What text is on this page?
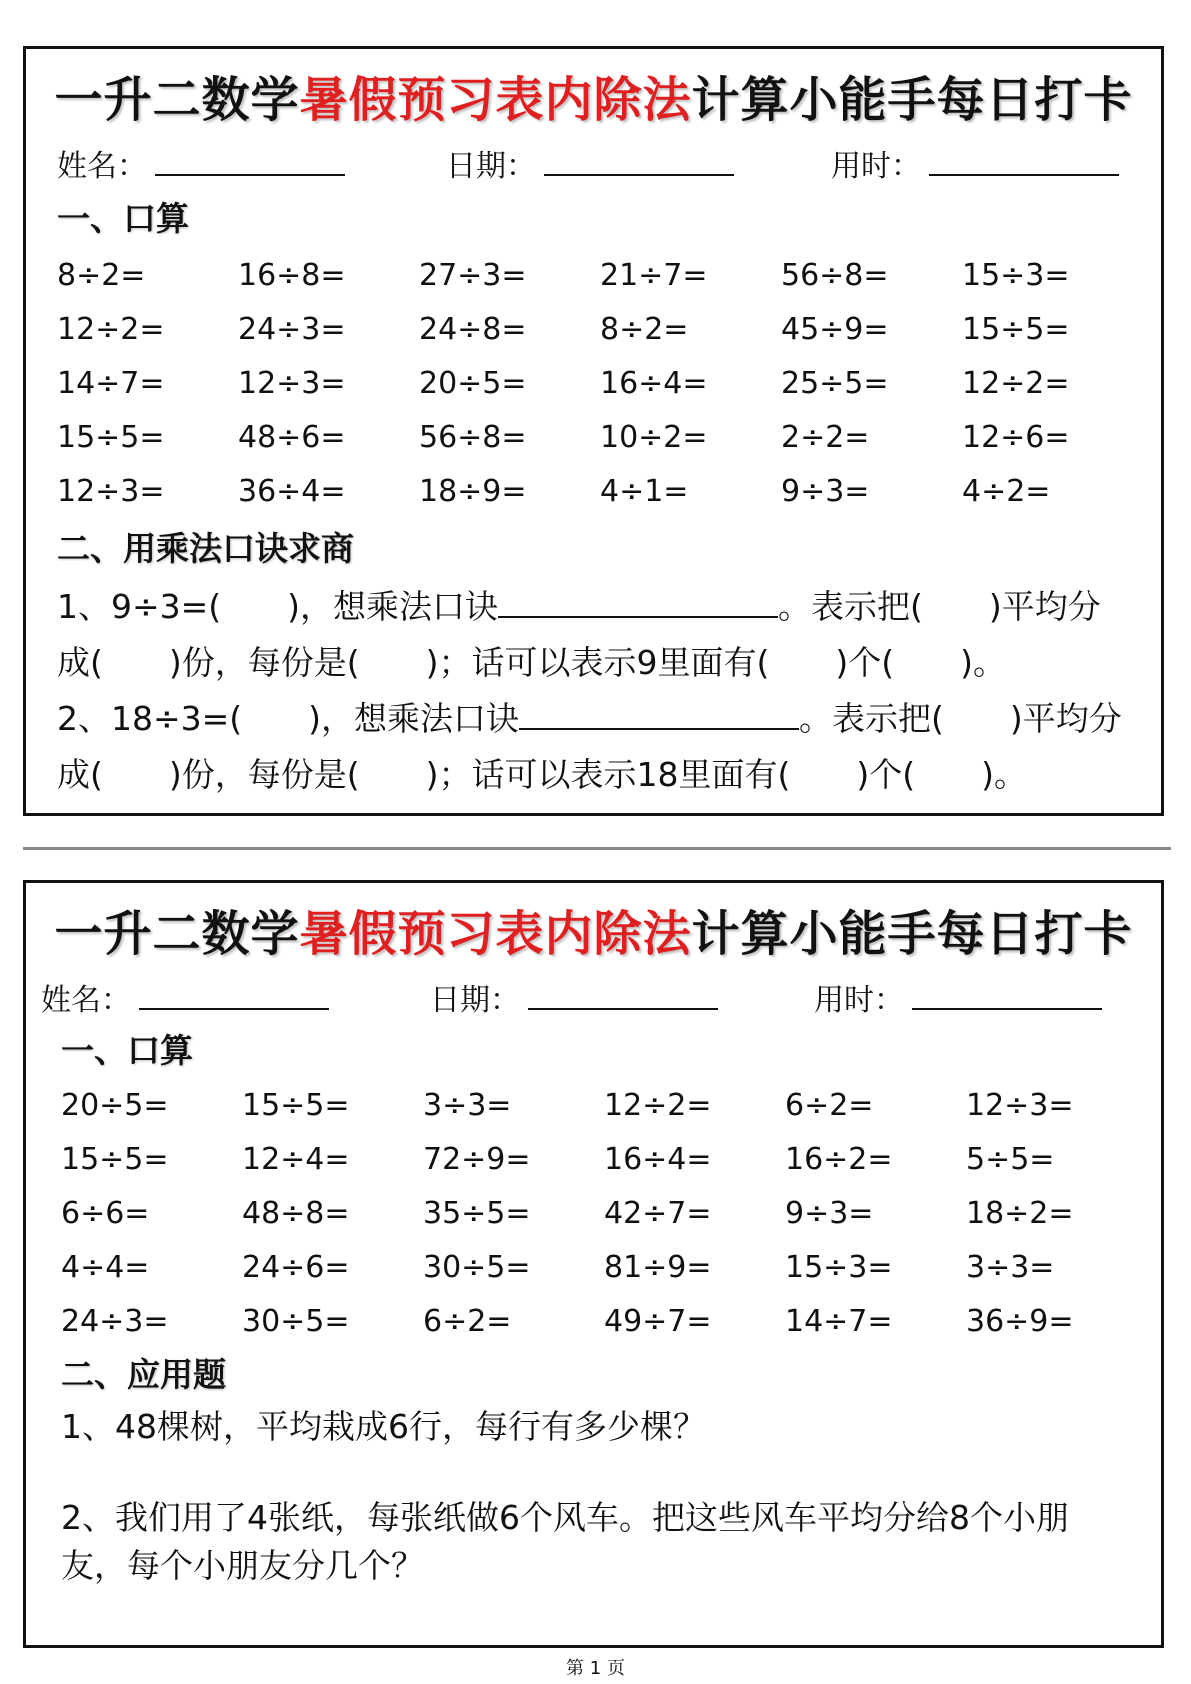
一升二数学暑假预习表内除法计算小能手每日打卡
姓名：	日期：	用时：
一、口算
8÷2=	16÷8=	27÷3=	21÷7=	56÷8=	15÷3=
12÷2=	24÷3=	24÷8=	8÷2=	45÷9=	15÷5=
14÷7=	12÷3=	20÷5=	16÷4=	25÷5=	12÷2=
15÷5=	48÷6=	56÷8=	10÷2=	2÷2=	12÷6=
12÷3=	36÷4=	18÷9=	4÷1=	9÷3=	4÷2=
二、用乘法口诀求商
1、9÷3=(　　)，想乘法口诀	。表示把(　　)平均分
成(　　)份，每份是(　　)；话可以表示9里面有(　　)个(　　)。
2、18÷3=(　　)，想乘法口诀	。表示把(　　)平均分
成(　　)份，每份是(　　)；话可以表示18里面有(　　)个(　　)。
一升二数学暑假预习表内除法计算小能手每日打卡
姓名：	日期：	用时：
一、口算
20÷5=	15÷5=	3÷3=	12÷2=	6÷2=	12÷3=
15÷5=	12÷4=	72÷9=	16÷4=	16÷2=	5÷5=
6÷6=	48÷8=	35÷5=	42÷7=	9÷3=	18÷2=
4÷4=	24÷6=	30÷5=	81÷9=	15÷3=	3÷3=
24÷3=	30÷5=	6÷2=	49÷7=	14÷7=	36÷9=
二、应用题
1、48棵树，平均栽成6行，每行有多少棵？
2、我们用了4张纸，每张纸做6个风车。把这些风车平均分给8个小朋
友，每个小朋友分几个？
第 1 页
